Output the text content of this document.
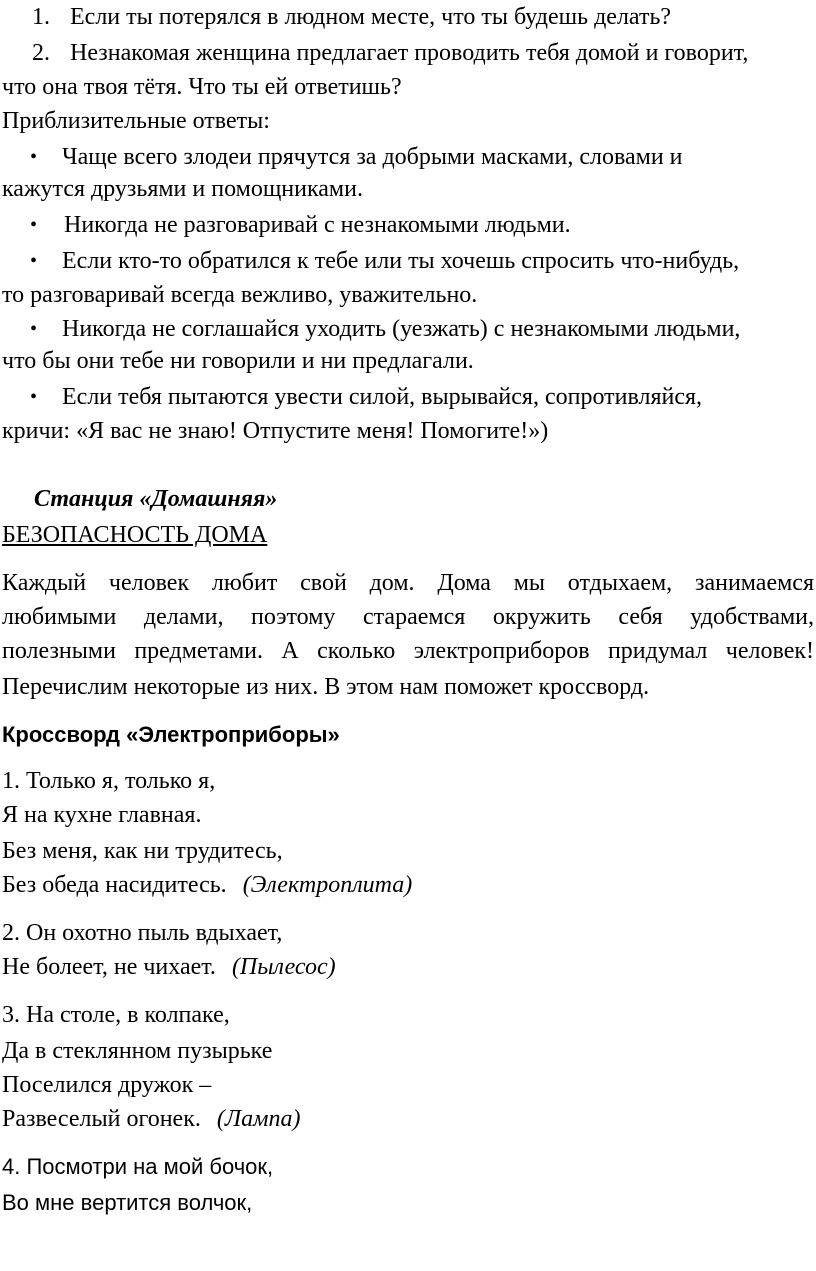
1. Если ты потерялся в людном месте, что ты будешь делать?
2. Незнакомая женщина предлагает проводить тебя домой и говорит,
что она твоя тётя. Что ты ей ответишь?
Приблизительные ответы:
• Чаще всего злодеи прячутся за добрыми масками, словами и
кажутся друзьями и помощниками.
• Никогда не разговаривай с незнакомыми людьми.
• Если кто-то обратился к тебе или ты хочешь спросить что-нибудь,
то разговаривай всегда вежливо, уважительно.
• Никогда не соглашайся уходить (уезжать) с незнакомыми людьми,
что бы они тебе ни говорили и ни предлагали.
• Если тебя пытаются увести силой, вырывайся, сопротивляйся,
кричи: «Я вас не знаю! Отпустите меня! Помогите!»)
Станция «Домашняя»
БЕЗОПАСНОСТЬ ДОМА
Каждый человек любит свой дом. Дома мы отдыхаем, занимаемся
любимыми делами, поэтому стараемся окружить себя удобствами,
полезными предметами. А сколько электроприборов придумал человек!
Перечислим некоторые из них. В этом нам поможет кроссворд.
Кроссворд «Электроприборы»
1. Только я, только я,
Я на кухне главная.
Без меня, как ни трудитесь,
Без обеда насидитесь. (Электроплита)
2. Он охотно пыль вдыхает,
Не болеет, не чихает. (Пылесос)
3. На столе, в колпаке,
Да в стеклянном пузырьке
Поселился дружок –
Развеселый огонек. (Лампа)
4. Посмотри на мой бочок,
Во мне вертится волчок,
